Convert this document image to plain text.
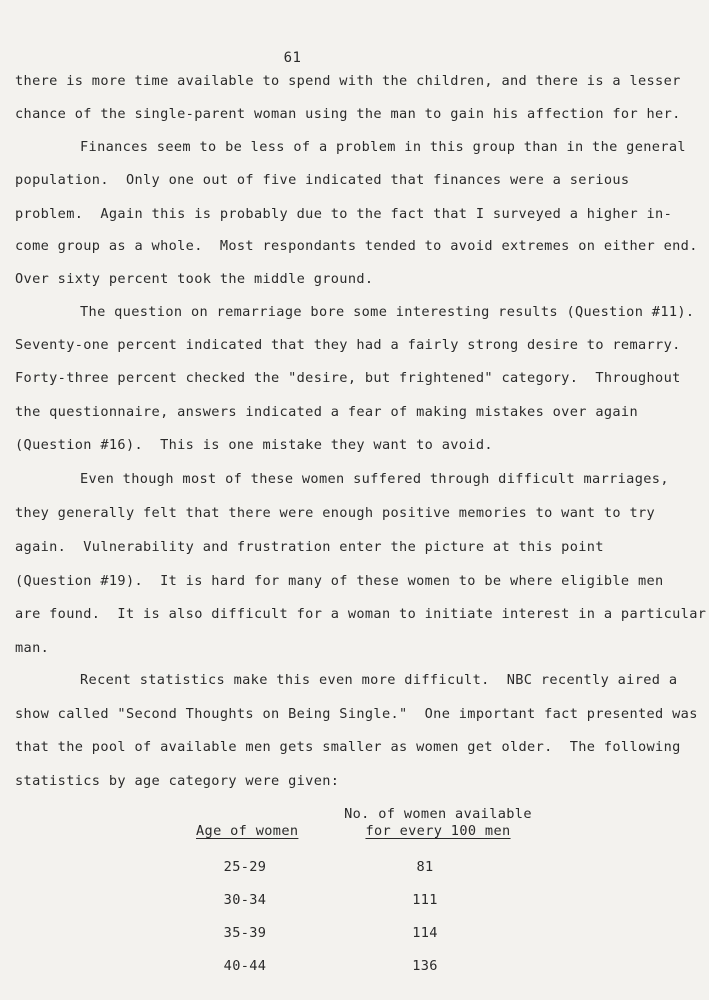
61
there is more time available to spend with the children, and there is a lesser
chance of the single-parent woman using the man to gain his affection for her.
Finances seem to be less of a problem in this group than in the general
population.  Only one out of five indicated that finances were a serious
problem.  Again this is probably due to the fact that I surveyed a higher in-
come group as a whole.  Most respondants tended to avoid extremes on either end.
Over sixty percent took the middle ground.
The question on remarriage bore some interesting results (Question #11).
Seventy-one percent indicated that they had a fairly strong desire to remarry.
Forty-three percent checked the "desire, but frightened" category.  Throughout
the questionnaire, answers indicated a fear of making mistakes over again
(Question #16).  This is one mistake they want to avoid.
Even though most of these women suffered through difficult marriages,
they generally felt that there were enough positive memories to want to try
again.  Vulnerability and frustration enter the picture at this point
(Question #19).  It is hard for many of these women to be where eligible men
are found.  It is also difficult for a woman to initiate interest in a particular
man.
Recent statistics make this even more difficult.  NBC recently aired a
show called "Second Thoughts on Being Single."  One important fact presented was
that the pool of available men gets smaller as women get older.  The following
statistics by age category were given:
No. of women available
Age of women	for every 100 men
25-29	81
30-34	111
35-39	114
40-44	136
